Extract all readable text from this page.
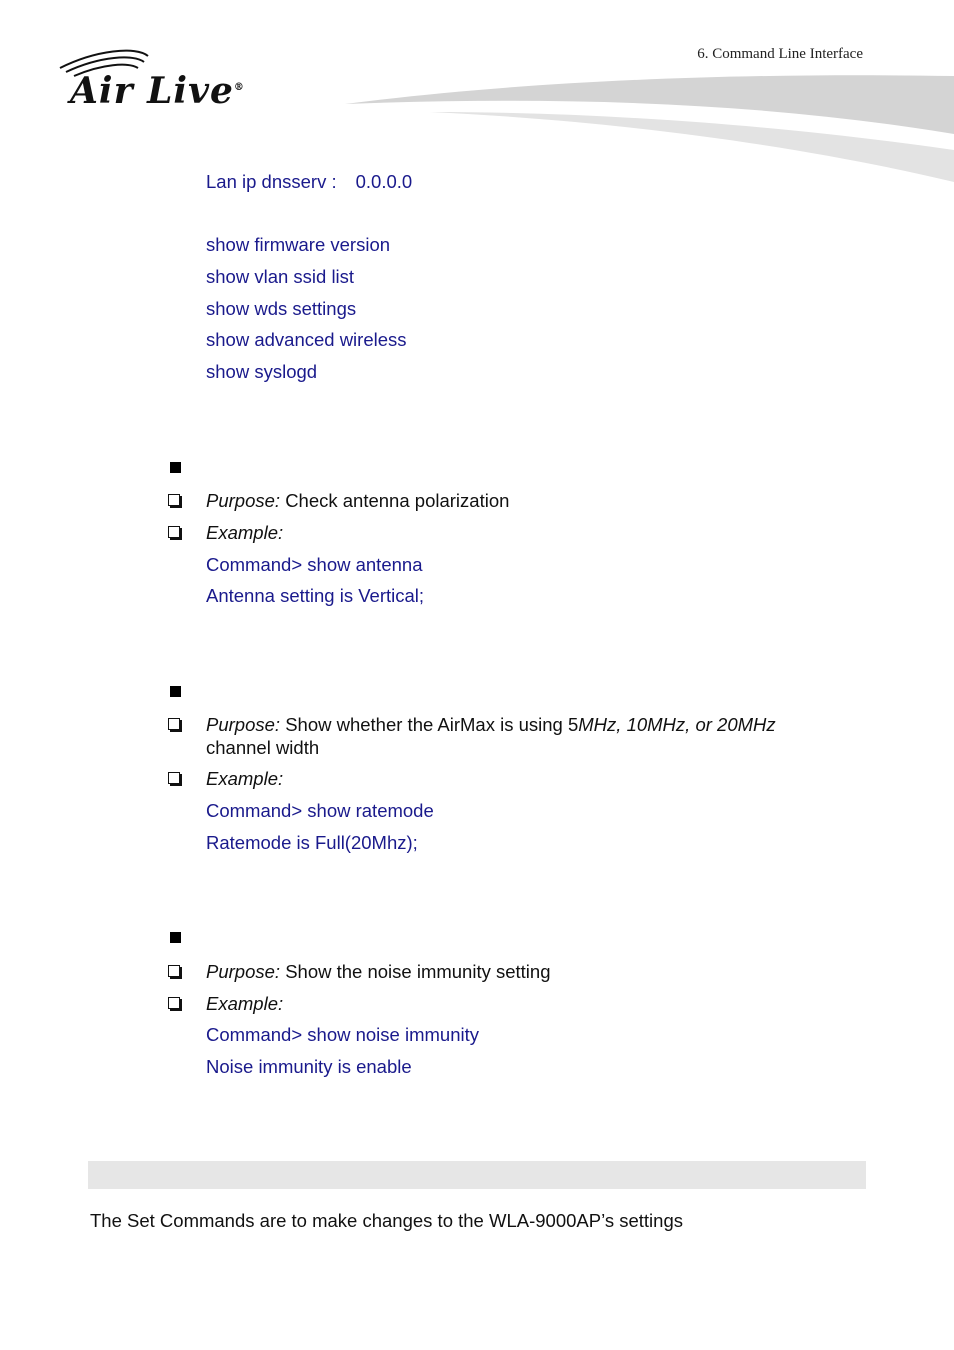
6. Command Line Interface
Air Live®
Lan ip dnsserv : 0.0.0.0
show firmware version
show vlan ssid list
show wds settings
show advanced wireless
show syslogd
Purpose: Check antenna polarization
Example:
Command> show antenna
Antenna setting is Vertical;
Purpose: Show whether the AirMax is using 5MHz, 10MHz, or 20MHz
channel width
Example:
Command> show ratemode
Ratemode is Full(20Mhz);
Purpose: Show the noise immunity setting
Example:
Command> show noise immunity
Noise immunity is enable
The Set Commands are to make changes to the WLA-9000AP’s settings
